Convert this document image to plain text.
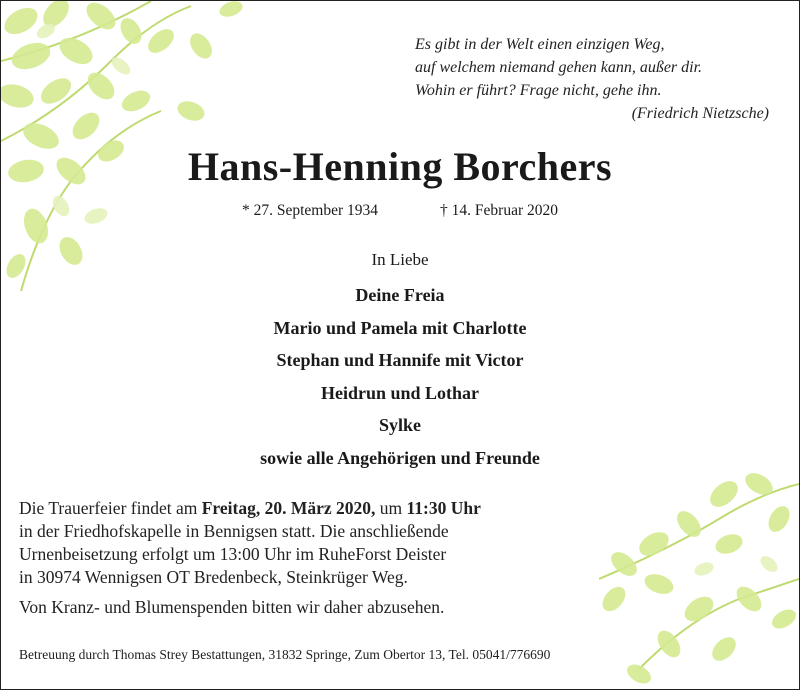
Es gibt in der Welt einen einzigen Weg,
auf welchem niemand gehen kann, außer dir.
Wohin er führt? Frage nicht, gehe ihn.
(Friedrich Nietzsche)
Hans-Henning Borchers
* 27. September 1934	† 14. Februar 2020
In Liebe
Deine Freia
Mario und Pamela mit Charlotte
Stephan und Hannife mit Victor
Heidrun und Lothar
Sylke
sowie alle Angehörigen und Freunde

Die Trauerfeier findet am Freitag, 20. März 2020, um 11:30 Uhr
in der Friedhofskapelle in Bennigsen statt. Die anschließende
Urnenbeisetzung erfolgt um 13:00 Uhr im RuheForst Deister
in 30974 Wennigsen OT Bredenbeck, Steinkrüger Weg.

Von Kranz- und Blumenspenden bitten wir daher abzusehen.

Betreuung durch Thomas Strey Bestattungen, 31832 Springe, Zum Obertor 13, Tel. 05041/776690
